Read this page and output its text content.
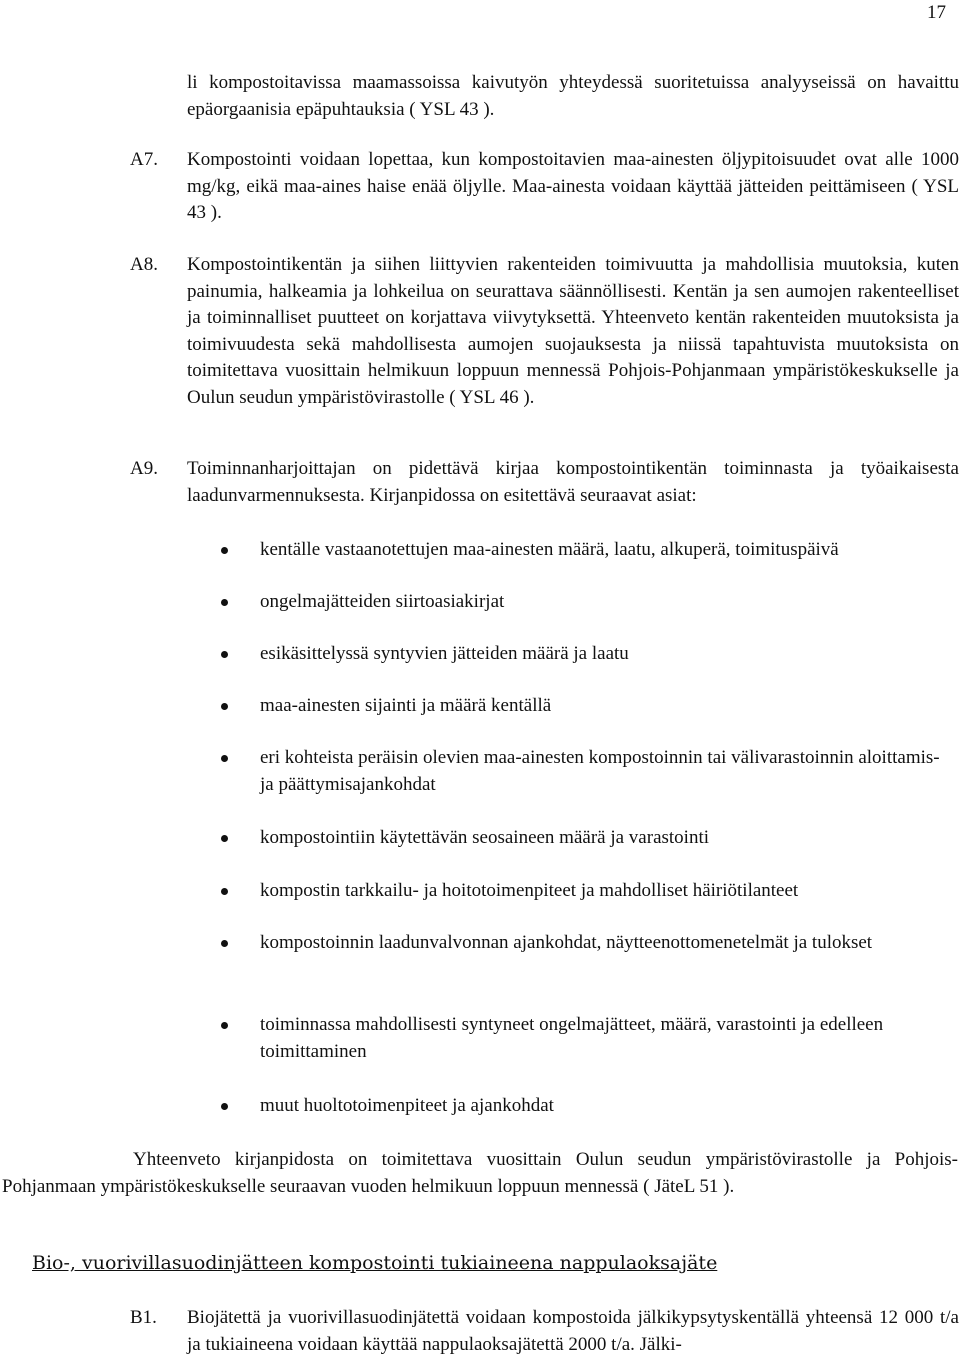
17
li kompostoitavissa maamassoissa kaivutyön yhteydessä suoritetuissa analyyseissä on havaittu epäorgaanisia epäpuhtauksia ( YSL 43 ).
A7. Kompostointi voidaan lopettaa, kun kompostoitavien maa-ainesten öljypitoisuudet ovat alle 1000 mg/kg, eikä maa-aines haise enää öljylle. Maa-ainesta voidaan käyttää jätteiden peittämiseen ( YSL 43 ).
A8. Kompostointikentän ja siihen liittyvien rakenteiden toimivuutta ja mahdollisia muutoksia, kuten painumia, halkeamia ja lohkeilua on seurattava säännöllisesti. Kentän ja sen aumojen rakenteelliset ja toiminnalliset puutteet on korjattava viivytyksettä. Yhteenveto kentän rakenteiden muutoksista ja toimivuudesta sekä mahdollisesta aumojen suojauksesta ja niissä tapahtuvista muutoksista on toimitettava vuosittain helmikuun loppuun mennessä Pohjois-Pohjanmaan ympäristökeskukselle ja Oulun seudun ympäristövirastolle ( YSL 46 ).
A9. Toiminnanharjoittajan on pidettävä kirjaa kompostointikentän toiminnasta ja työaikaisesta laadunvarmennuksesta. Kirjanpidossa on esitettävä seuraavat asiat:
kentälle vastaanotettujen maa-ainesten määrä, laatu, alkuperä, toimituspäivä
ongelmajätteiden siirtoasiakirjat
esikäsittelyssä syntyvien jätteiden määrä ja laatu
maa-ainesten sijainti ja määrä kentällä
eri kohteista peräisin olevien maa-ainesten kompostoinnin tai välivarastoinnin aloittamis- ja päättymisajankohdat
kompostointiin käytettävän seosaineen määrä ja varastointi
kompostin tarkkailu- ja hoitotoimenpiteet ja mahdolliset häiriötilanteet
kompostoinnin laadunvalvonnan ajankohdat, näytteenottomenetelmät ja tulokset
toiminnassa mahdollisesti syntyneet ongelmajätteet, määrä, varastointi ja edelleen toimittaminen
muut huoltotoimenpiteet ja ajankohdat
Yhteenveto kirjanpidosta on toimitettava vuosittain Oulun seudun ympäristövirastolle ja Pohjois-Pohjanmaan ympäristökeskukselle seuraavan vuoden helmikuun loppuun mennessä ( JäteL 51 ).
Bio-, vuorivillasuodinjätteen kompostointi tukiaineena nappulaoksajäte
B1. Biojätettä ja vuorivillasuodinjätettä voidaan kompostoida jälkikypsytyskentällä yhteensä 12 000 t/a ja tukiaineena voidaan käyttää nappulaoksajätettä 2000 t/a. Jälki-
